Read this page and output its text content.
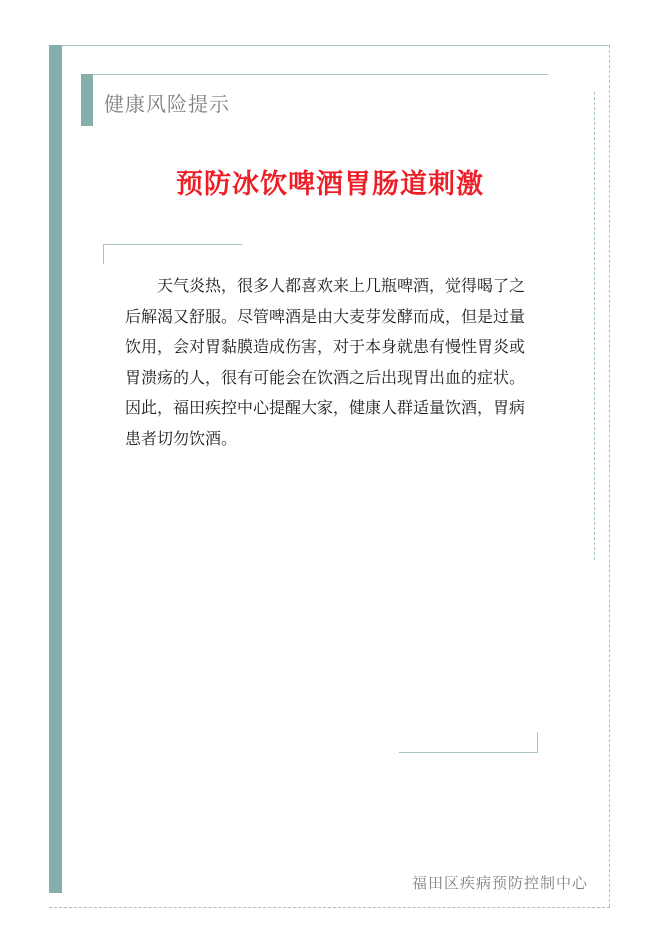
健康风险提示
预防冰饮啤酒胃肠道刺激

天气炎热，很多人都喜欢来上几瓶啤酒，觉得喝了之后解渴又舒服。尽管啤酒是由大麦芽发酵而成，但是过量饮用，会对胃黏膜造成伤害，对于本身就患有慢性胃炎或胃溃疡的人，很有可能会在饮酒之后出现胃出血的症状。因此，福田疾控中心提醒大家，健康人群适量饮酒，胃病患者切勿饮酒。

福田区疾病预防控制中心
